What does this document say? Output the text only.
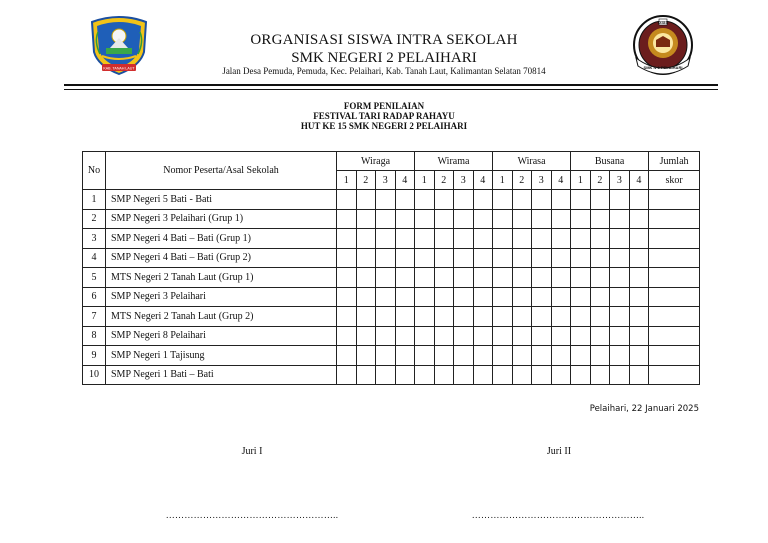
KAB. TANAH LAUT
OSIS
SMK N 2 PELAIHARI
ORGANISASI SISWA INTRA SEKOLAH
SMK NEGERI 2 PELAIHARI
Jalan Desa Pemuda, Pemuda, Kec. Pelaihari, Kab. Tanah Laut, Kalimantan Selatan 70814
FORM PENILAIAN
FESTIVAL TARI RADAP RAHAYU
HUT KE 15 SMK NEGERI 2 PELAIHARI
No	Nomor Peserta/Asal Sekolah	Wiraga				Wirama				Wirasa				Busana				Jumlah
		1	2	3	4	1	2	3	4	1	2	3	4	1	2	3	4	skor
1	SMP Negeri 5 Bati - Bati																	
2	SMP Negeri 3 Pelaihari (Grup 1)																	
3	SMP Negeri 4 Bati – Bati (Grup 1)																	
4	SMP Negeri 4 Bati – Bati (Grup 2)																	
5	MTS Negeri 2 Tanah Laut (Grup 1)																	
6	SMP Negeri 3 Pelaihari																	
7	MTS Negeri 2 Tanah Laut (Grup 2)																	
8	SMP Negeri 8 Pelaihari																	
9	SMP Negeri 1 Tajisung																	
10	SMP Negeri 1 Bati – Bati																	
Pelaihari, 22 Januari 2025
Juri I	Juri II
………………………………………………..	………………………………………………..
